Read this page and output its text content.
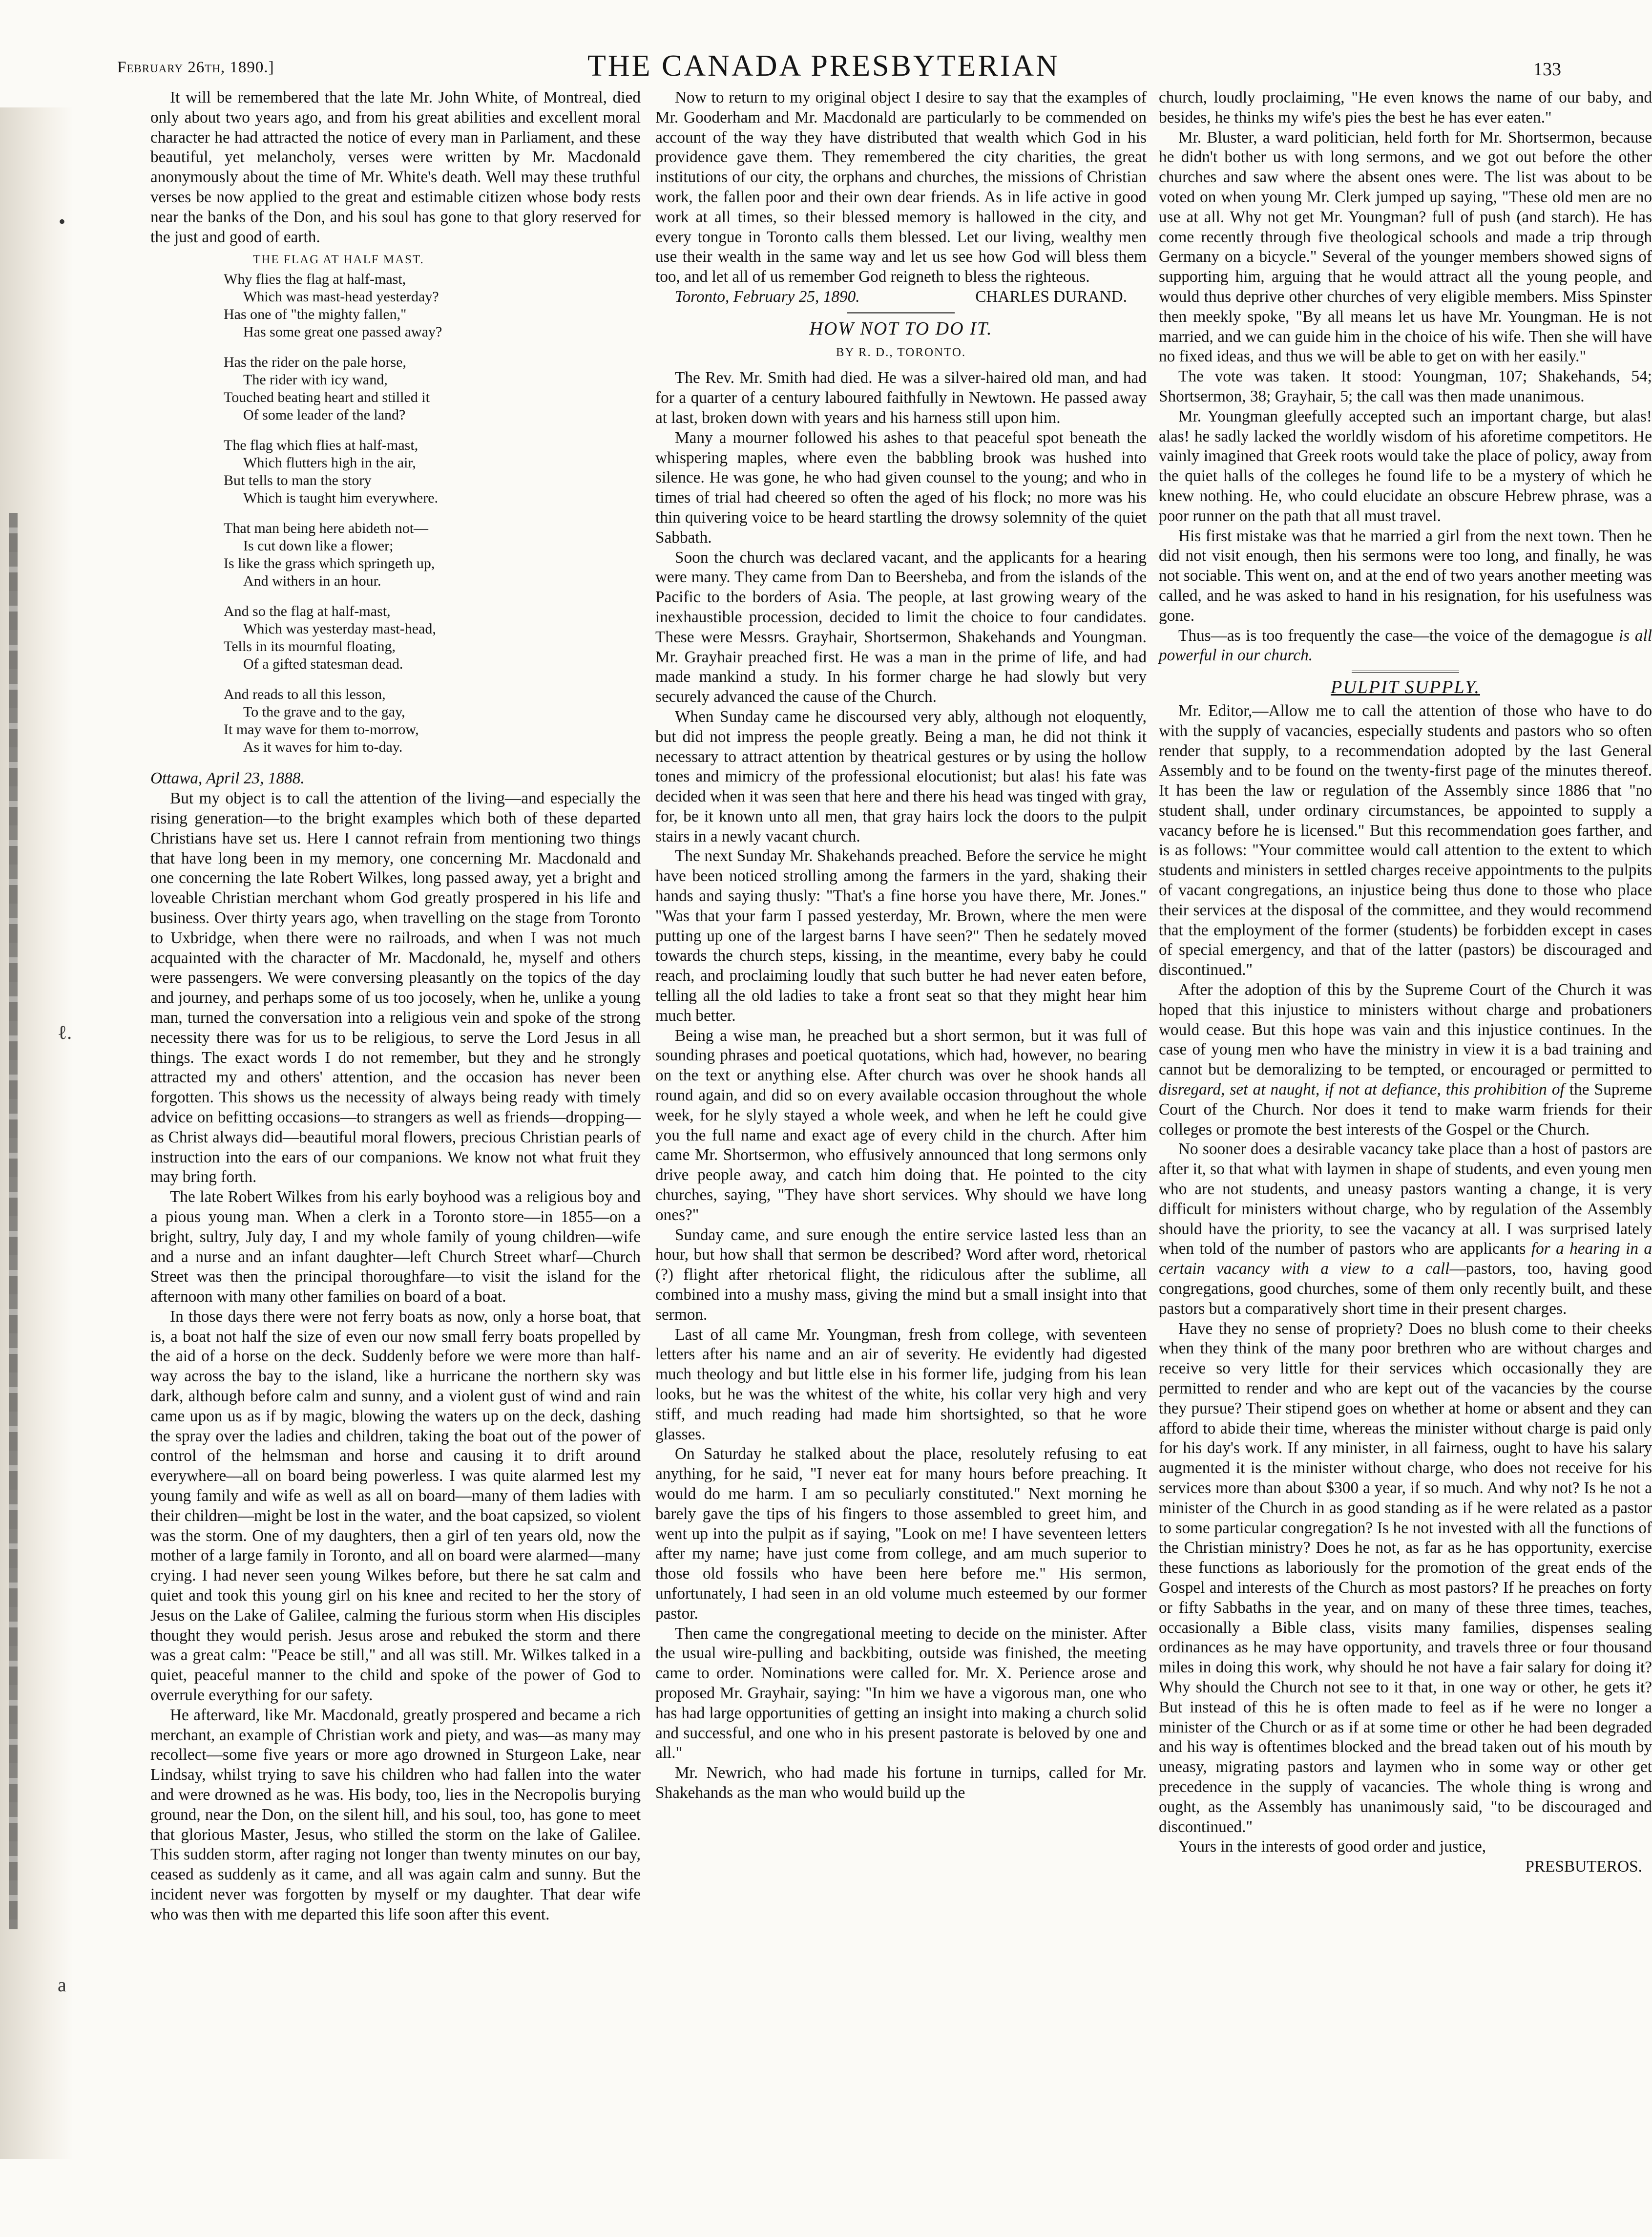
•
ℓ.
a
February 26th, 1890.]	THE CANADA PRESBYTERIAN	133

It will be remembered that the late Mr. John White, of Montreal, died only about two years ago, and from his great abilities and excellent moral character he had attracted the notice of every man in Parliament, and these beautiful, yet melancholy, verses were written by Mr. Macdonald anonymously about the time of Mr. White's death. Well may these truthful verses be now applied to the great and estimable citizen whose body rests near the banks of the Don, and his soul has gone to that glory reserved for the just and good of earth.

THE FLAG AT HALF MAST.
Why flies the flag at half-mast,
Which was mast-head yesterday?
Has one of "the mighty fallen,"
Has some great one passed away?
Has the rider on the pale horse,
The rider with icy wand,
Touched beating heart and stilled it
Of some leader of the land?
The flag which flies at half-mast,
Which flutters high in the air,
But tells to man the story
Which is taught him everywhere.
That man being here abideth not—
Is cut down like a flower;
Is like the grass which springeth up,
And withers in an hour.
And so the flag at half-mast,
Which was yesterday mast-head,
Tells in its mournful floating,
Of a gifted statesman dead.
And reads to all this lesson,
To the grave and to the gay,
It may wave for them to-morrow,
As it waves for him to-day.

Ottawa, April 23, 1888.

But my object is to call the attention of the living—and especially the rising generation—to the bright examples which both of these departed Christians have set us. Here I cannot refrain from mentioning two things that have long been in my memory, one concerning Mr. Macdonald and one concerning the late Robert Wilkes, long passed away, yet a bright and loveable Christian merchant whom God greatly prospered in his life and business. Over thirty years ago, when travelling on the stage from Toronto to Uxbridge, when there were no railroads, and when I was not much acquainted with the character of Mr. Macdonald, he, myself and others were passengers. We were conversing pleasantly on the topics of the day and journey, and perhaps some of us too jocosely, when he, unlike a young man, turned the conversation into a religious vein and spoke of the strong necessity there was for us to be religious, to serve the Lord Jesus in all things. The exact words I do not remember, but they and he strongly attracted my and others' attention, and the occasion has never been forgotten. This shows us the necessity of always being ready with timely advice on befitting occasions—to strangers as well as friends—dropping—as Christ always did—beautiful moral flowers, precious Christian pearls of instruction into the ears of our companions. We know not what fruit they may bring forth.

The late Robert Wilkes from his early boyhood was a religious boy and a pious young man. When a clerk in a Toronto store—in 1855—on a bright, sultry, July day, I and my whole family of young children—wife and a nurse and an infant daughter—left Church Street wharf—Church Street was then the principal thoroughfare—to visit the island for the afternoon with many other families on board of a boat.

In those days there were not ferry boats as now, only a horse boat, that is, a boat not half the size of even our now small ferry boats propelled by the aid of a horse on the deck. Suddenly before we were more than half-way across the bay to the island, like a hurricane the northern sky was dark, although before calm and sunny, and a violent gust of wind and rain came upon us as if by magic, blowing the waters up on the deck, dashing the spray over the ladies and children, taking the boat out of the power of control of the helmsman and horse and causing it to drift around everywhere—all on board being powerless. I was quite alarmed lest my young family and wife as well as all on board—many of them ladies with their children—might be lost in the water, and the boat capsized, so violent was the storm. One of my daughters, then a girl of ten years old, now the mother of a large family in Toronto, and all on board were alarmed—many crying. I had never seen young Wilkes before, but there he sat calm and quiet and took this young girl on his knee and recited to her the story of Jesus on the Lake of Galilee, calming the furious storm when His disciples thought they would perish. Jesus arose and rebuked the storm and there was a great calm: "Peace be still," and all was still. Mr. Wilkes talked in a quiet, peaceful manner to the child and spoke of the power of God to overrule everything for our safety.

He afterward, like Mr. Macdonald, greatly prospered and became a rich merchant, an example of Christian work and piety, and was—as many may recollect—some five years or more ago drowned in Sturgeon Lake, near Lindsay, whilst trying to save his children who had fallen into the water and were drowned as he was. His body, too, lies in the Necropolis burying ground, near the Don, on the silent hill, and his soul, too, has gone to meet that glorious Master, Jesus, who stilled the storm on the lake of Galilee. This sudden storm, after raging not longer than twenty minutes on our bay, ceased as suddenly as it came, and all was again calm and sunny. But the incident never was forgotten by myself or my daughter. That dear wife who was then with me departed this life soon after this event.

Now to return to my original object I desire to say that the examples of Mr. Gooderham and Mr. Macdonald are particularly to be commended on account of the way they have distributed that wealth which God in his providence gave them. They remembered the city charities, the great institutions of our city, the orphans and churches, the missions of Christian work, the fallen poor and their own dear friends. As in life active in good work at all times, so their blessed memory is hallowed in the city, and every tongue in Toronto calls them blessed. Let our living, wealthy men use their wealth in the same way and let us see how God will bless them too, and let all of us remember God reigneth to bless the righteous.

Toronto, February 25, 1890.	CHARLES DURAND.
HOW NOT TO DO IT.
BY R. D., TORONTO.

The Rev. Mr. Smith had died. He was a silver-haired old man, and had for a quarter of a century laboured faithfully in Newtown. He passed away at last, broken down with years and his harness still upon him.

Many a mourner followed his ashes to that peaceful spot beneath the whispering maples, where even the babbling brook was hushed into silence. He was gone, he who had given counsel to the young; and who in times of trial had cheered so often the aged of his flock; no more was his thin quivering voice to be heard startling the drowsy solemnity of the quiet Sabbath.

Soon the church was declared vacant, and the applicants for a hearing were many. They came from Dan to Beersheba, and from the islands of the Pacific to the borders of Asia. The people, at last growing weary of the inexhaustible procession, decided to limit the choice to four candidates. These were Messrs. Grayhair, Shortsermon, Shakehands and Youngman. Mr. Grayhair preached first. He was a man in the prime of life, and had made mankind a study. In his former charge he had slowly but very securely advanced the cause of the Church.

When Sunday came he discoursed very ably, although not eloquently, but did not impress the people greatly. Being a man, he did not think it necessary to attract attention by theatrical gestures or by using the hollow tones and mimicry of the professional elocutionist; but alas! his fate was decided when it was seen that here and there his head was tinged with gray, for, be it known unto all men, that gray hairs lock the doors to the pulpit stairs in a newly vacant church.

The next Sunday Mr. Shakehands preached. Before the service he might have been noticed strolling among the farmers in the yard, shaking their hands and saying thusly: "That's a fine horse you have there, Mr. Jones." "Was that your farm I passed yesterday, Mr. Brown, where the men were putting up one of the largest barns I have seen?" Then he sedately moved towards the church steps, kissing, in the meantime, every baby he could reach, and proclaiming loudly that such butter he had never eaten before, telling all the old ladies to take a front seat so that they might hear him much better.

Being a wise man, he preached but a short sermon, but it was full of sounding phrases and poetical quotations, which had, however, no bearing on the text or anything else. After church was over he shook hands all round again, and did so on every available occasion throughout the whole week, for he slyly stayed a whole week, and when he left he could give you the full name and exact age of every child in the church. After him came Mr. Shortsermon, who effusively announced that long sermons only drive people away, and catch him doing that. He pointed to the city churches, saying, "They have short services. Why should we have long ones?"

Sunday came, and sure enough the entire service lasted less than an hour, but how shall that sermon be described? Word after word, rhetorical (?) flight after rhetorical flight, the ridiculous after the sublime, all combined into a mushy mass, giving the mind but a small insight into that sermon.

Last of all came Mr. Youngman, fresh from college, with seventeen letters after his name and an air of severity. He evidently had digested much theology and but little else in his former life, judging from his lean looks, but he was the whitest of the white, his collar very high and very stiff, and much reading had made him shortsighted, so that he wore glasses.

On Saturday he stalked about the place, resolutely refusing to eat anything, for he said, "I never eat for many hours before preaching. It would do me harm. I am so peculiarly constituted." Next morning he barely gave the tips of his fingers to those assembled to greet him, and went up into the pulpit as if saying, "Look on me! I have seventeen letters after my name; have just come from college, and am much superior to those old fossils who have been here before me." His sermon, unfortunately, I had seen in an old volume much esteemed by our former pastor.

Then came the congregational meeting to decide on the minister. After the usual wire-pulling and backbiting, outside was finished, the meeting came to order. Nominations were called for. Mr. X. Perience arose and proposed Mr. Grayhair, saying: "In him we have a vigorous man, one who has had large opportunities of getting an insight into making a church solid and successful, and one who in his present pastorate is beloved by one and all."

Mr. Newrich, who had made his fortune in turnips, called for Mr. Shakehands as the man who would build up the

church, loudly proclaiming, "He even knows the name of our baby, and besides, he thinks my wife's pies the best he has ever eaten."

Mr. Bluster, a ward politician, held forth for Mr. Shortsermon, because he didn't bother us with long sermons, and we got out before the other churches and saw where the absent ones were. The list was about to be voted on when young Mr. Clerk jumped up saying, "These old men are no use at all. Why not get Mr. Youngman? full of push (and starch). He has come recently through five theological schools and made a trip through Germany on a bicycle." Several of the younger members showed signs of supporting him, arguing that he would attract all the young people, and would thus deprive other churches of very eligible members. Miss Spinster then meekly spoke, "By all means let us have Mr. Youngman. He is not married, and we can guide him in the choice of his wife. Then she will have no fixed ideas, and thus we will be able to get on with her easily."

The vote was taken. It stood: Youngman, 107; Shakehands, 54; Shortsermon, 38; Grayhair, 5; the call was then made unanimous.

Mr. Youngman gleefully accepted such an important charge, but alas! alas! he sadly lacked the worldly wisdom of his aforetime competitors. He vainly imagined that Greek roots would take the place of policy, away from the quiet halls of the colleges he found life to be a mystery of which he knew nothing. He, who could elucidate an obscure Hebrew phrase, was a poor runner on the path that all must travel.

His first mistake was that he married a girl from the next town. Then he did not visit enough, then his sermons were too long, and finally, he was not sociable. This went on, and at the end of two years another meeting was called, and he was asked to hand in his resignation, for his usefulness was gone.

Thus—as is too frequently the case—the voice of the demagogue is all powerful in our church.

PULPIT SUPPLY.

Mr. Editor,—Allow me to call the attention of those who have to do with the supply of vacancies, especially students and pastors who so often render that supply, to a recommendation adopted by the last General Assembly and to be found on the twenty-first page of the minutes thereof. It has been the law or regulation of the Assembly since 1886 that "no student shall, under ordinary circumstances, be appointed to supply a vacancy before he is licensed." But this recommendation goes farther, and is as follows: "Your committee would call attention to the extent to which students and ministers in settled charges receive appointments to the pulpits of vacant congregations, an injustice being thus done to those who place their services at the disposal of the committee, and they would recommend that the employment of the former (students) be forbidden except in cases of special emergency, and that of the latter (pastors) be discouraged and discontinued."

After the adoption of this by the Supreme Court of the Church it was hoped that this injustice to ministers without charge and probationers would cease. But this hope was vain and this injustice continues. In the case of young men who have the ministry in view it is a bad training and cannot but be demoralizing to be tempted, or encouraged or permitted to disregard, set at naught, if not at defiance, this prohibition of the Supreme Court of the Church. Nor does it tend to make warm friends for their colleges or promote the best interests of the Gospel or the Church.

No sooner does a desirable vacancy take place than a host of pastors are after it, so that what with laymen in shape of students, and even young men who are not students, and uneasy pastors wanting a change, it is very difficult for ministers without charge, who by regulation of the Assembly should have the priority, to see the vacancy at all. I was surprised lately when told of the number of pastors who are applicants for a hearing in a certain vacancy with a view to a call—pastors, too, having good congregations, good churches, some of them only recently built, and these pastors but a comparatively short time in their present charges.

Have they no sense of propriety? Does no blush come to their cheeks when they think of the many poor brethren who are without charges and receive so very little for their services which occasionally they are permitted to render and who are kept out of the vacancies by the course they pursue? Their stipend goes on whether at home or absent and they can afford to abide their time, whereas the minister without charge is paid only for his day's work. If any minister, in all fairness, ought to have his salary augmented it is the minister without charge, who does not receive for his services more than about $300 a year, if so much. And why not? Is he not a minister of the Church in as good standing as if he were related as a pastor to some particular congregation? Is he not invested with all the functions of the Christian ministry? Does he not, as far as he has opportunity, exercise these functions as laboriously for the promotion of the great ends of the Gospel and interests of the Church as most pastors? If he preaches on forty or fifty Sabbaths in the year, and on many of these three times, teaches, occasionally a Bible class, visits many families, dispenses sealing ordinances as he may have opportunity, and travels three or four thousand miles in doing this work, why should he not have a fair salary for doing it? Why should the Church not see to it that, in one way or other, he gets it? But instead of this he is often made to feel as if he were no longer a minister of the Church or as if at some time or other he had been degraded and his way is oftentimes blocked and the bread taken out of his mouth by uneasy, migrating pastors and laymen who in some way or other get precedence in the supply of vacancies. The whole thing is wrong and ought, as the Assembly has unanimously said, "to be discouraged and discontinued."

Yours in the interests of good order and justice,

PRESBUTEROS.
